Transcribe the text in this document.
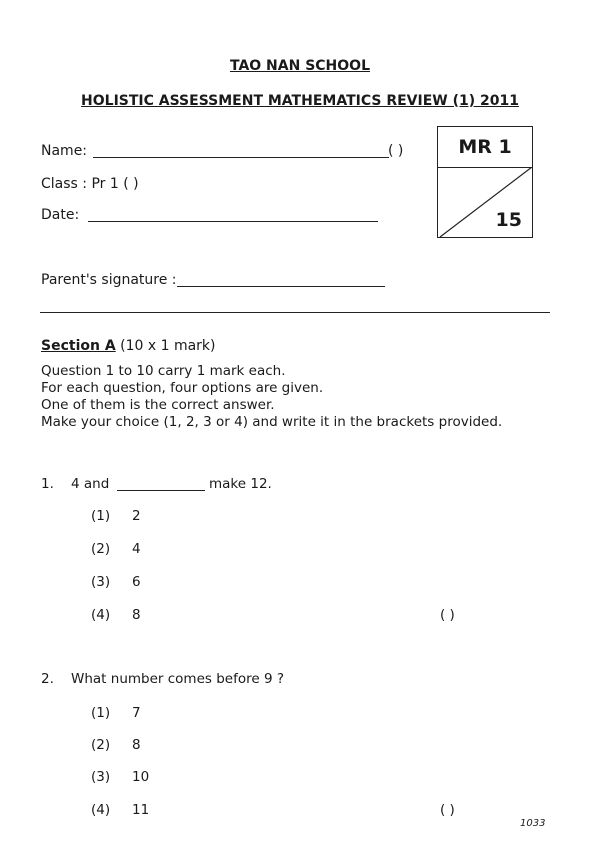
TAO NAN SCHOOL
HOLISTIC ASSESSMENT MATHEMATICS REVIEW (1) 2011
Name:	( )
Class : Pr 1 ( )
Date:
MR 1
15
Parent's signature :
Section A (10 x 1 mark)
Question 1 to 10 carry 1 mark each.
For each question, four options are given.
One of them is the correct answer.
Make your choice (1, 2, 3 or 4) and write it in the brackets provided.
1. 4 and	make 12.
(1) 2
(2) 4
(3) 6
(4) 8	( )
2. What number comes before 9 ?
(1) 7
(2) 8
(3) 10
(4) 11	( )
1033
